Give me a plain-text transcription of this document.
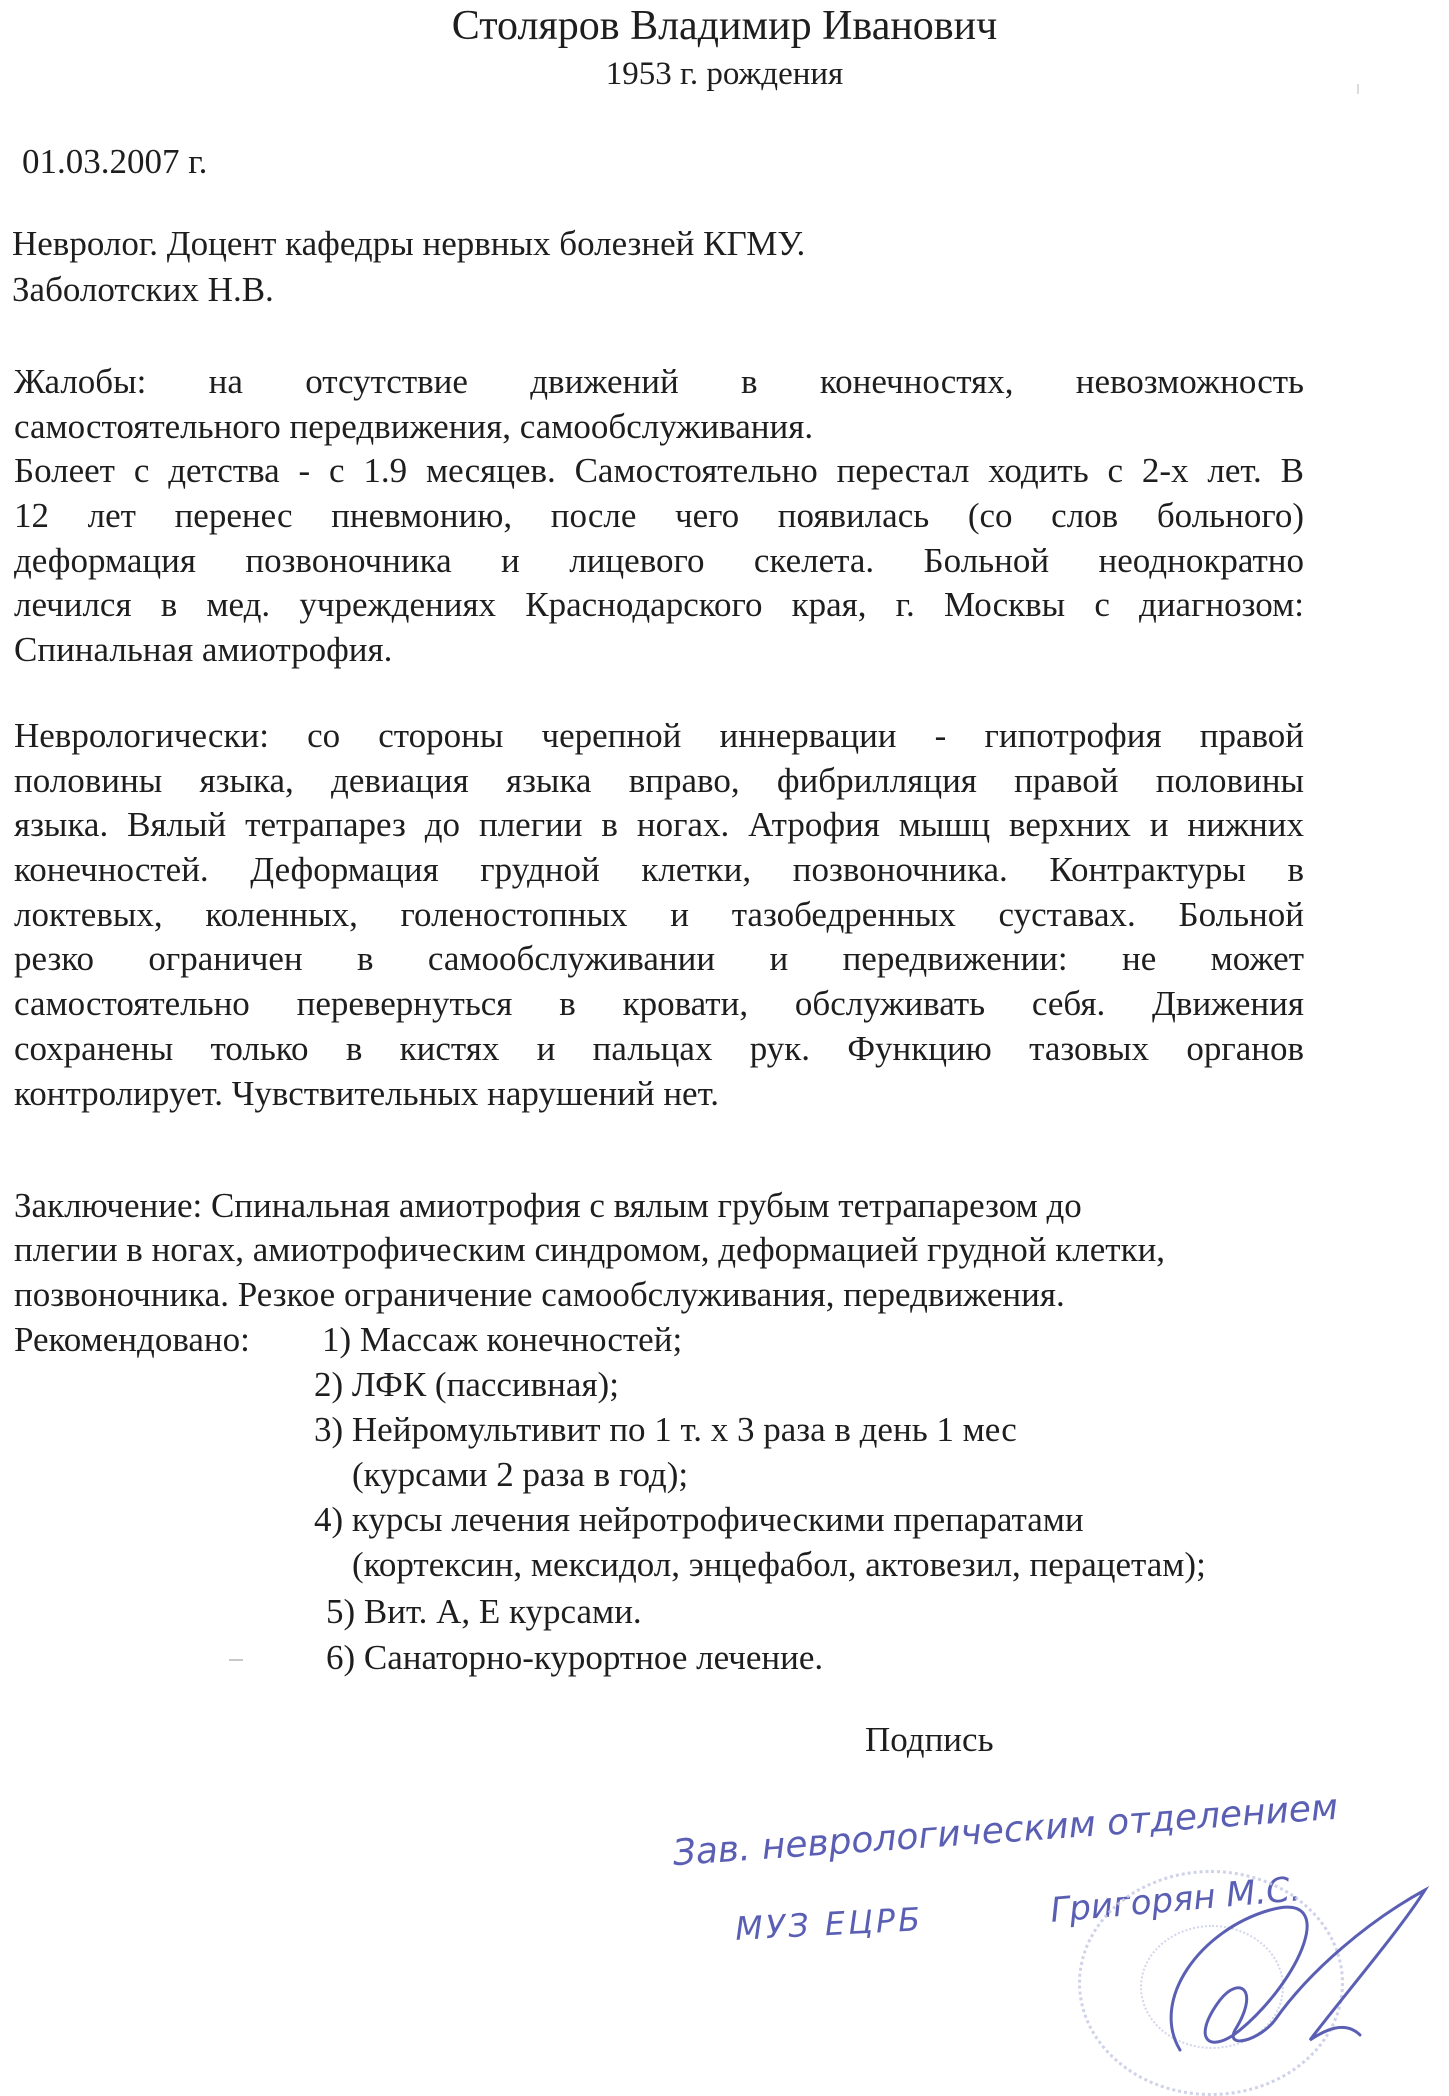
Столяров Владимир Иванович
1953 г. рождения
01.03.2007 г.
Невролог. Доцент кафедры нервных болезней КГМУ.
Заболотских Н.В.
Жалобы: на отсутствие движений в конечностях, невозможность
самостоятельного передвижения, самообслуживания.
Болеет с детства - с 1.9 месяцев. Самостоятельно перестал ходить с 2-х лет. В
12 лет перенес пневмонию, после чего появилась (со слов больного)
деформация позвоночника и лицевого скелета. Больной неоднократно
лечился в мед. учреждениях Краснодарского края, г. Москвы с диагнозом:
Спинальная амиотрофия.
Неврологически: со стороны черепной иннервации - гипотрофия правой
половины языка, девиация языка вправо, фибрилляция правой половины
языка. Вялый тетрапарез до плегии в ногах. Атрофия мышц верхних и нижних
конечностей. Деформация грудной клетки, позвоночника. Контрактуры в
локтевых, коленных, голеностопных и тазобедренных суставах. Больной
резко ограничен в самообслуживании и передвижении: не может
самостоятельно перевернуться в кровати, обслуживать себя. Движения
сохранены только в кистях и пальцах рук. Функцию тазовых органов
контролирует. Чувствительных нарушений нет.
Заключение: Спинальная амиотрофия с вялым грубым тетрапарезом до
плегии в ногах, амиотрофическим синдромом, деформацией грудной клетки,
позвоночника. Резкое ограничение самообслуживания, передвижения.
Рекомендовано: 1) Массаж конечностей;
2) ЛФК (пассивная);
3) Нейромультивит по 1 т. х 3 раза в день 1 мес
(курсами 2 раза в год);
4) курсы лечения нейротрофическими препаратами
(кортексин, мексидол, энцефабол, актовезил, перацетам);
5) Вит. А, Е курсами.
6) Санаторно-курортное лечение.
Подпись
Зав. неврологическим отделением
Григорян М.С.
МУЗ ЕЦРБ
